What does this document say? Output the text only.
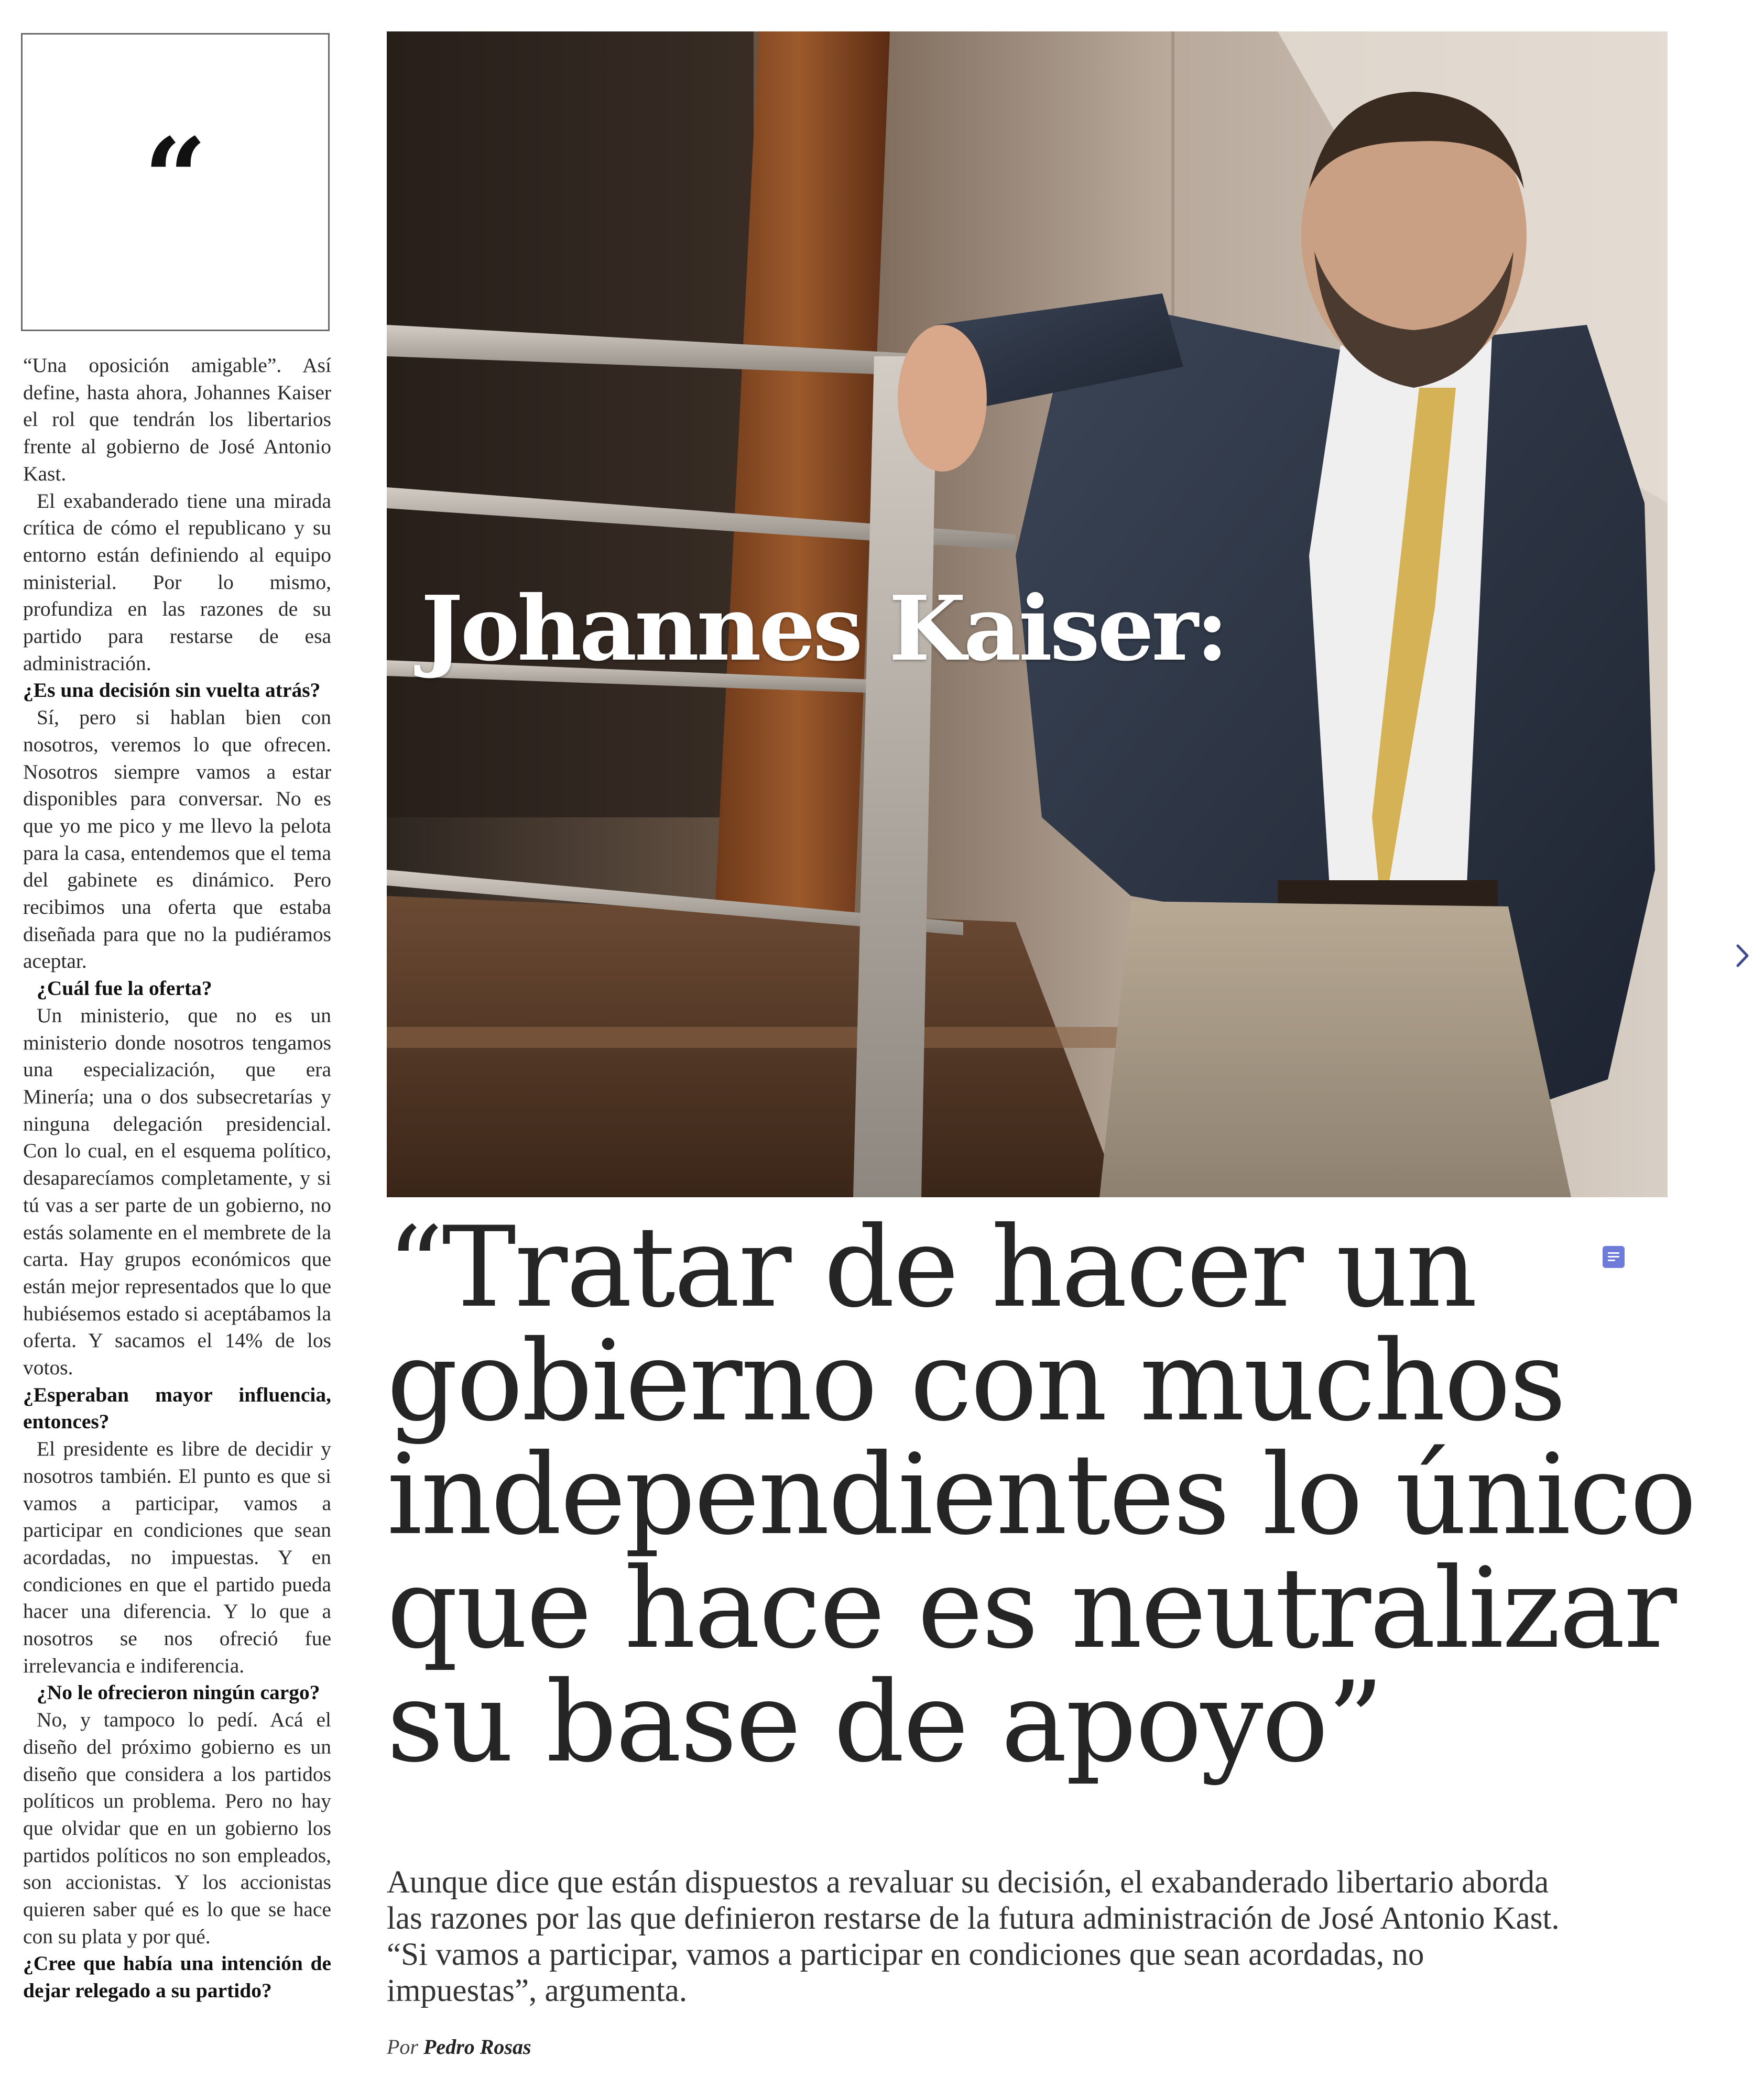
“

“Una oposición amigable”. Así define, hasta ahora, Johannes Kaiser el rol que tendrán los libertarios frente al gobierno de José Antonio Kast.

El exabanderado tiene una mirada crítica de cómo el republicano y su entorno están definiendo al equipo ministerial. Por lo mismo, profundiza en las razones de su partido para restarse de esa administración.

¿Es una decisión sin vuelta atrás?

Sí, pero si hablan bien con nosotros, veremos lo que ofrecen. Nosotros siempre vamos a estar disponibles para conversar. No es que yo me pico y me llevo la pelota para la casa, entendemos que el tema del gabinete es dinámico. Pero recibimos una oferta que estaba diseñada para que no la pudiéramos aceptar.

¿Cuál fue la oferta?

Un ministerio, que no es un ministerio donde nosotros tengamos una especialización, que era Minería; una o dos subsecretarías y ninguna delegación presidencial. Con lo cual, en el esquema político, desaparecíamos completamente, y si tú vas a ser parte de un gobierno, no estás solamente en el membrete de la carta. Hay grupos económicos que están mejor representados que lo que hubiésemos estado si aceptábamos la oferta. Y sacamos el 14% de los votos.

¿Esperaban mayor influencia, entonces?

El presidente es libre de decidir y nosotros también. El punto es que si vamos a participar, vamos a participar en condiciones que sean acordadas, no impuestas. Y en condiciones en que el partido pueda hacer una diferencia. Y lo que a nosotros se nos ofreció fue irrelevancia e indiferencia.

¿No le ofrecieron ningún cargo?

No, y tampoco lo pedí. Acá el diseño del próximo gobierno es un diseño que considera a los partidos políticos un problema. Pero no hay que olvidar que en un gobierno los partidos políticos no son empleados, son accionistas. Y los accionistas quieren saber qué es lo que se hace con su plata y por qué.

¿Cree que había una intención de dejar relegado a su partido?

Johannes Kaiser:
“Tratar de hacer un
gobierno con muchos
independientes lo único
que hace es neutralizar
su base de apoyo”

Aunque dice que están dispuestos a revaluar su decisión, el exabanderado libertario aborda las razones por las que definieron restarse de la futura administración de José Antonio Kast. “Si vamos a participar, vamos a participar en condiciones que sean acordadas, no impuestas”, argumenta.

Por Pedro Rosas
